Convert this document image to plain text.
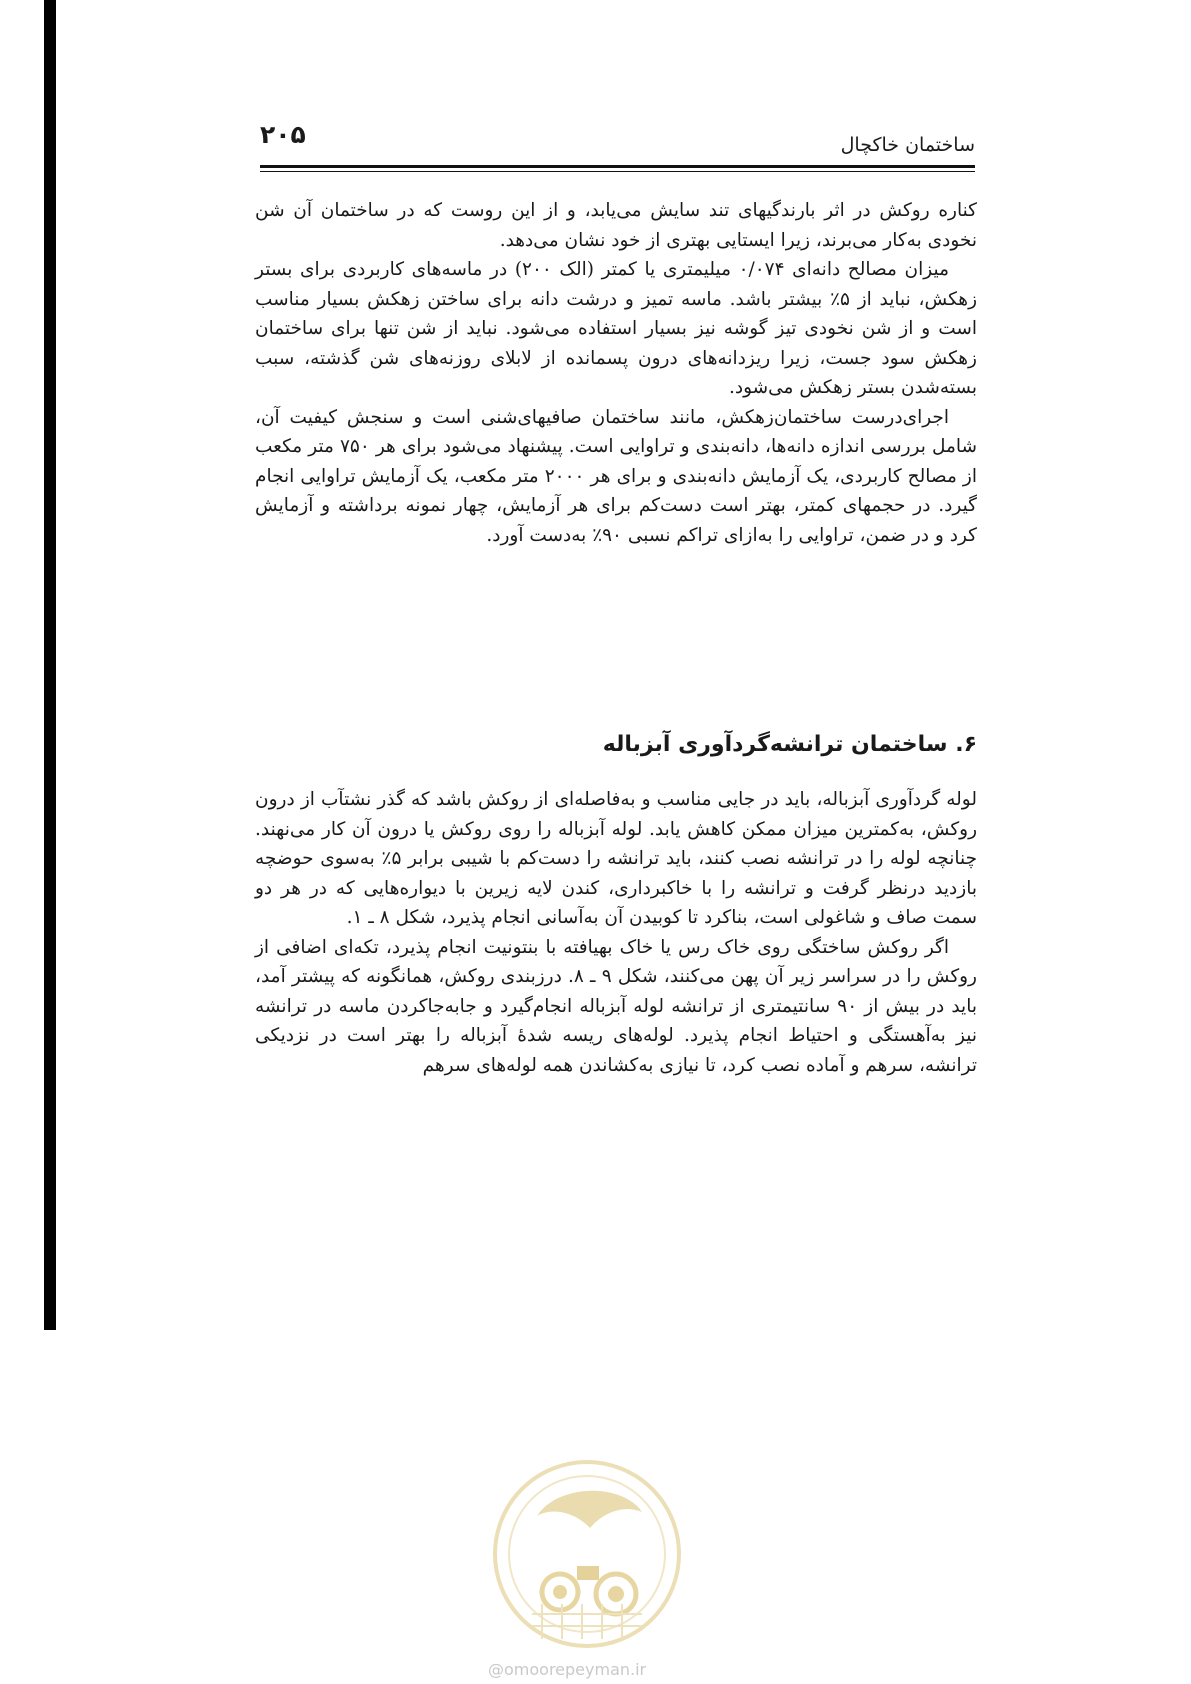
۲۰۵	ساختمان خاکچال

کناره روکش در اثر بارندگیهای تند سایش می‌یابد، و از این روست که در ساختمان آن شن نخودی به‌کار می‌برند، زیرا ایستایی بهتری از خود نشان می‌دهد.

میزان مصالح دانه‌ای ۰/۰۷۴ میلیمتری یا کمتر (الک ۲۰۰) در ماسه‌های کاربردی برای بستر زهکش، نباید از ۵٪ بیشتر باشد. ماسه تمیز و درشت دانه برای ساختن زهکش بسیار مناسب است و از شن نخودی تیز گوشه نیز بسیار استفاده می‌شود. نباید از شن تنها برای ساختمان زهکش سود جست، زیرا ریزدانه‌های درون پسمانده از لابلای روزنه‌های شن گذشته، سبب بسته‌شدن بستر زهکش می‌شود.

اجرای‌درست ساختمان‌زهکش، مانند ساختمان صافیهای‌شنی است و سنجش کیفیت آن، شامل بررسی اندازه دانه‌ها، دانه‌بندی و تراوایی است. پیشنهاد می‌شود برای هر ۷۵۰ متر مکعب از مصالح کاربردی، یک آزمایش دانه‌بندی و برای هر ۲۰۰۰ متر مکعب، یک آزمایش تراوایی انجام گیرد. در حجمهای کمتر، بهتر است دست‌کم برای هر آزمایش، چهار نمونه برداشته و آزمایش کرد و در ضمن، تراوایی را به‌ازای تراکم نسبی ۹۰٪ به‌دست آورد.

۶. ساختمان ترانشه‌گردآوری آبزباله

لوله گردآوری آبزباله، باید در جایی مناسب و به‌فاصله‌ای از روکش باشد که گذر نشتآب از درون روکش، به‌کمترین میزان ممکن کاهش یابد. لوله آبزباله را روی روکش یا درون آن کار می‌نهند. چنانچه لوله را در ترانشه نصب کنند، باید ترانشه را دست‌کم با شیبی برابر ۵٪ به‌سوی حوضچه بازدید درنظر گرفت و ترانشه را با خاکبرداری، کندن لایه زیرین با دیواره‌هایی که در هر دو سمت صاف و شاغولی است، بناکرد تا کوبیدن آن به‌آسانی انجام پذیرد، شکل ۸ ـ ۱.

اگر روکش ساختگی روی خاک رس یا خاک بهیافته با بنتونیت انجام پذیرد، تکه‌ای اضافی از روکش را در سراسر زیر آن پهن می‌کنند، شکل ۹ ـ ۸. درزبندی روکش، همانگونه که پیشتر آمد، باید در بیش از ۹۰ سانتیمتری از ترانشه لوله آبزباله انجام‌گیرد و جابه‌جاکردن ماسه در ترانشه نیز به‌آهستگی و احتیاط انجام پذیرد. لوله‌های ریسه شدهٔ آبزباله را بهتر است در نزدیکی ترانشه، سرهم و آماده نصب کرد، تا نیازی به‌کشاندن همه لوله‌های سرهم

@omoorepeyman.ir
